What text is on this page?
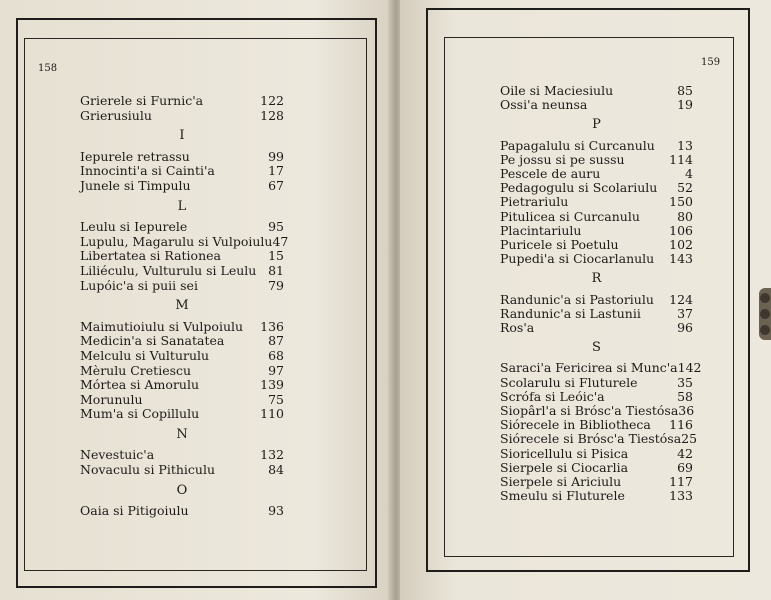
158
Grierele si Furnic'a	122
Grierusiulu	128
I
Iepurele retrassu	99
Innocinti'a si Cainti'a	17
Junele si Timpulu	67
L
Leulu si Iepurele	95
Lupulu, Magarulu si Vulpoiulu 47
Libertatea si Rationea	15
Liliéculu, Vulturulu si Leulu 81
Lupóic'a si puii sei	79
M
Maimutioiulu si Vulpoiulu 136
Medicin'a si Sanatatea	87
Melculu si Vulturulu	68
Mèrulu Cretiescu	97
Mórtea si Amorulu	139
Morunulu	75
Mum'a si Copillulu	110
N
Nevestuic'a	132
Novaculu si Pithiculu	84
O
Oaia si Pitigoiulu	93
159
Oile si Maciesiulu	85
Ossi'a neunsa	19
P
Papagalulu si Curcanulu 13
Pe jossu si pe sussu	114
Pescele de auru	4
Pedagogulu si Scolariulu 52
Pietrariulu	150
Pitulicea si Curcanulu	80
Placintariulu	106
Puricele si Poetulu	102
Pupedi'a si Ciocarlanulu 143
R
Randunic'a si Pastoriulu 124
Randunic'a si Lastunii	37
Ros'a	96
S
Saraci'a Fericirea si Munc'a 142
Scolarulu si Fluturele	35
Scrófa si Leóic'a	58
Siopârl'a si Brósc'a Tiestósa 36
Siórecele in Bibliotheca 116
Siórecele si Brósc'a Tiestósa 25
Sioricellulu si Pisica	42
Sierpele si Ciocarlia	69
Sierpele si Ariciulu	117
Smeulu si Fluturele	133
